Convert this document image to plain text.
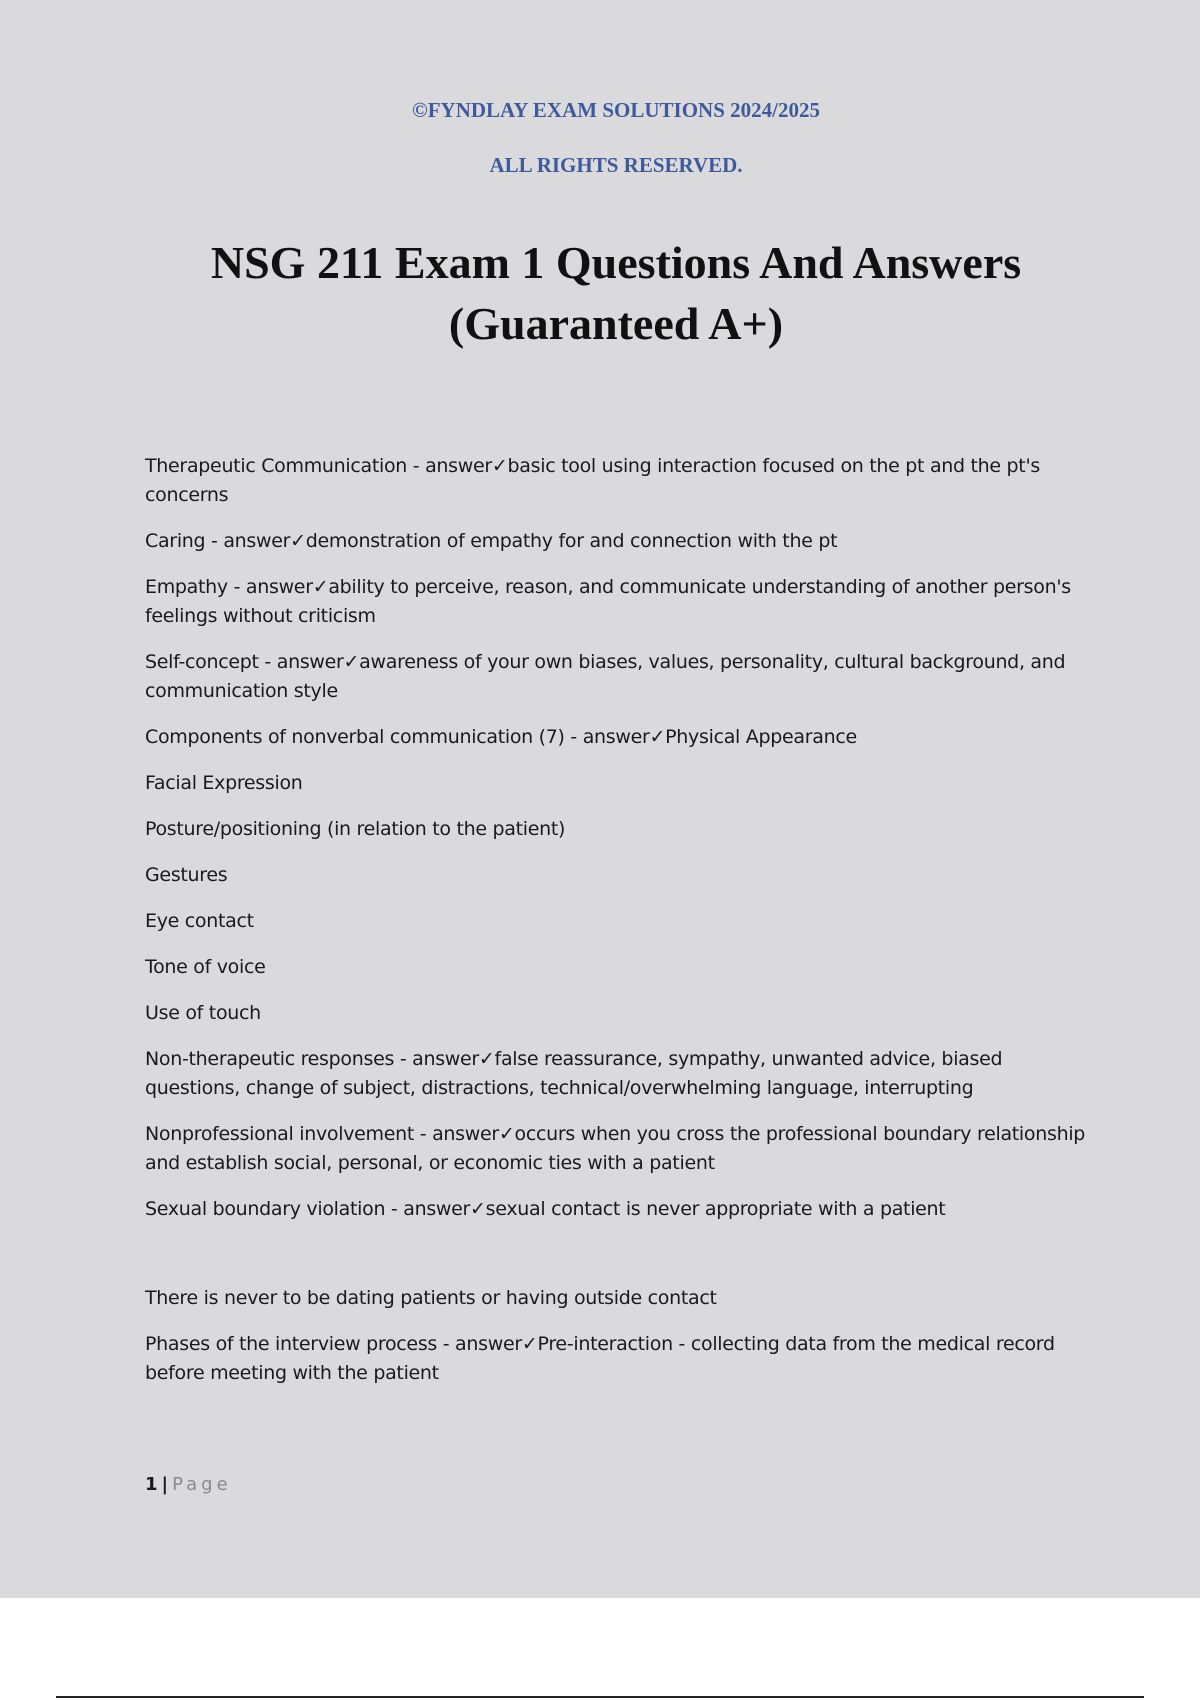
©FYNDLAY EXAM SOLUTIONS 2024/2025

ALL RIGHTS RESERVED.

NSG 211 Exam 1 Questions And Answers
(Guaranteed A+)

Therapeutic Communication - answer✓basic tool using interaction focused on the pt and the pt's concerns

Caring - answer✓demonstration of empathy for and connection with the pt

Empathy - answer✓ability to perceive, reason, and communicate understanding of another person's feelings without criticism

Self-concept - answer✓awareness of your own biases, values, personality, cultural background, and communication style

Components of nonverbal communication (7) - answer✓Physical Appearance

Facial Expression

Posture/positioning (in relation to the patient)

Gestures

Eye contact

Tone of voice

Use of touch

Non-therapeutic responses - answer✓false reassurance, sympathy, unwanted advice, biased questions, change of subject, distractions, technical/overwhelming language, interrupting

Nonprofessional involvement - answer✓occurs when you cross the professional boundary relationship and establish social, personal, or economic ties with a patient

Sexual boundary violation - answer✓sexual contact is never appropriate with a patient

There is never to be dating patients or having outside contact

Phases of the interview process - answer✓Pre-interaction - collecting data from the medical record before meeting with the patient

1 | Page
